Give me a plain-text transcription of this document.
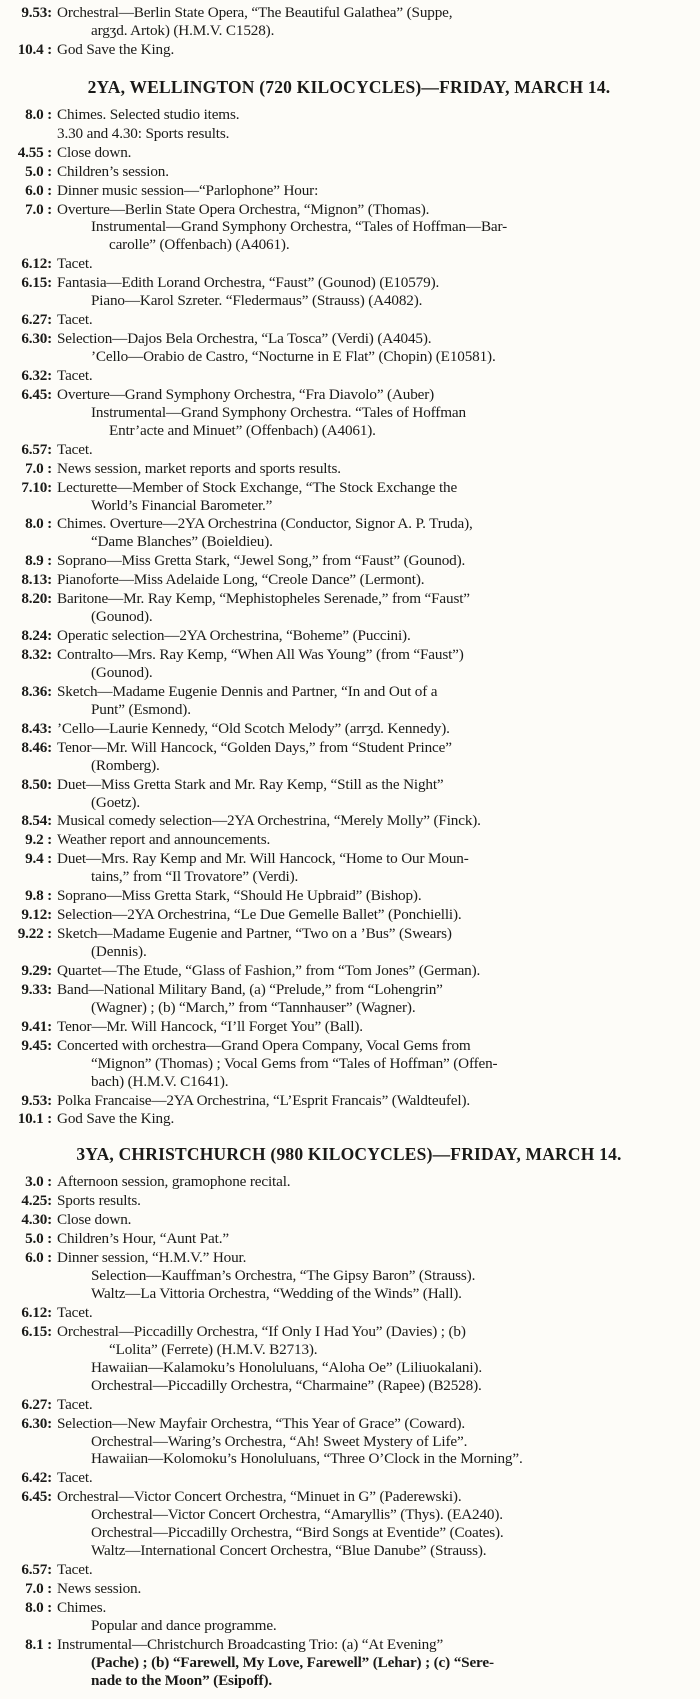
9.53: Orchestral—Berlin State Opera, “The Beautiful Galathea” (Suppe,
argʒd. Artok) (H.M.V. C1528).
10.4 : God Save the King.
2YA, WELLINGTON (720 KILOCYCLES)—FRIDAY, MARCH 14.
8.0 : Chimes. Selected studio items.
3.30 and 4.30: Sports results.
4.55 : Close down.
5.0 : Children’s session.
6.0 : Dinner music session—“Parlophone” Hour:
7.0 : Overture—Berlin State Opera Orchestra, “Mignon” (Thomas).
Instrumental—Grand Symphony Orchestra, “Tales of Hoffman—Bar-
carolle” (Offenbach) (A4061).
6.12: Tacet.
6.15: Fantasia—Edith Lorand Orchestra, “Faust” (Gounod) (E10579).
Piano—Karol Szreter. “Fledermaus” (Strauss) (A4082).
6.27: Tacet.
6.30: Selection—Dajos Bela Orchestra, “La Tosca” (Verdi) (A4045).
’Cello—Orabio de Castro, “Nocturne in E Flat” (Chopin) (E10581).
6.32: Tacet.
6.45: Overture—Grand Symphony Orchestra, “Fra Diavolo” (Auber)
Instrumental—Grand Symphony Orchestra. “Tales of Hoffman
Entr’acte and Minuet” (Offenbach) (A4061).
6.57: Tacet.
7.0 : News session, market reports and sports results.
7.10: Lecturette—Member of Stock Exchange, “The Stock Exchange the
World’s Financial Barometer.”
8.0 : Chimes. Overture—2YA Orchestrina (Conductor, Signor A. P. Truda),
“Dame Blanches” (Boieldieu).
8.9 : Soprano—Miss Gretta Stark, “Jewel Song,” from “Faust” (Gounod).
8.13: Pianoforte—Miss Adelaide Long, “Creole Dance” (Lermont).
8.20: Baritone—Mr. Ray Kemp, “Mephistopheles Serenade,” from “Faust”
(Gounod).
8.24: Operatic selection—2YA Orchestrina, “Boheme” (Puccini).
8.32: Contralto—Mrs. Ray Kemp, “When All Was Young” (from “Faust”)
(Gounod).
8.36: Sketch—Madame Eugenie Dennis and Partner, “In and Out of a
Punt” (Esmond).
8.43: ’Cello—Laurie Kennedy, “Old Scotch Melody” (arrʒd. Kennedy).
8.46: Tenor—Mr. Will Hancock, “Golden Days,” from “Student Prince”
(Romberg).
8.50: Duet—Miss Gretta Stark and Mr. Ray Kemp, “Still as the Night”
(Goetz).
8.54: Musical comedy selection—2YA Orchestrina, “Merely Molly” (Finck).
9.2 : Weather report and announcements.
9.4 : Duet—Mrs. Ray Kemp and Mr. Will Hancock, “Home to Our Moun-
tains,” from “Il Trovatore” (Verdi).
9.8 : Soprano—Miss Gretta Stark, “Should He Upbraid” (Bishop).
9.12: Selection—2YA Orchestrina, “Le Due Gemelle Ballet” (Ponchielli).
9.22 : Sketch—Madame Eugenie and Partner, “Two on a ’Bus” (Swears)
(Dennis).
9.29: Quartet—The Etude, “Glass of Fashion,” from “Tom Jones” (German).
9.33: Band—National Military Band, (a) “Prelude,” from “Lohengrin”
(Wagner) ; (b) “March,” from “Tannhauser” (Wagner).
9.41: Tenor—Mr. Will Hancock, “I’ll Forget You” (Ball).
9.45: Concerted with orchestra—Grand Opera Company, Vocal Gems from
“Mignon” (Thomas) ; Vocal Gems from “Tales of Hoffman” (Offen-
bach) (H.M.V. C1641).
9.53: Polka Francaise—2YA Orchestrina, “L’Esprit Francais” (Waldteufel).
10.1 : God Save the King.
3YA, CHRISTCHURCH (980 KILOCYCLES)—FRIDAY, MARCH 14.
3.0 : Afternoon session, gramophone recital.
4.25: Sports results.
4.30: Close down.
5.0 : Children’s Hour, “Aunt Pat.”
6.0 : Dinner session, “H.M.V.” Hour.
Selection—Kauffman’s Orchestra, “The Gipsy Baron” (Strauss).
Waltz—La Vittoria Orchestra, “Wedding of the Winds” (Hall).
6.12: Tacet.
6.15: Orchestral—Piccadilly Orchestra, “If Only I Had You” (Davies) ; (b)
“Lolita” (Ferrete) (H.M.V. B2713).
Hawaiian—Kalamoku’s Honoluluans, “Aloha Oe” (Liliuokalani).
Orchestral—Piccadilly Orchestra, “Charmaine” (Rapee) (B2528).
6.27: Tacet.
6.30: Selection—New Mayfair Orchestra, “This Year of Grace” (Coward).
Orchestral—Waring’s Orchestra, “Ah! Sweet Mystery of Life”.
Hawaiian—Kolomoku’s Honoluluans, “Three O’Clock in the Morning”.
6.42: Tacet.
6.45: Orchestral—Victor Concert Orchestra, “Minuet in G” (Paderewski).
Orchestral—Victor Concert Orchestra, “Amaryllis” (Thys). (EA240).
Orchestral—Piccadilly Orchestra, “Bird Songs at Eventide” (Coates).
Waltz—International Concert Orchestra, “Blue Danube” (Strauss).
6.57: Tacet.
7.0 : News session.
8.0 : Chimes.
Popular and dance programme.
8.1 : Instrumental—Christchurch Broadcasting Trio: (a) “At Evening”
(Pache) ; (b) “Farewell, My Love, Farewell” (Lehar) ; (c) “Sere-
nade to the Moon” (Esipoff).
